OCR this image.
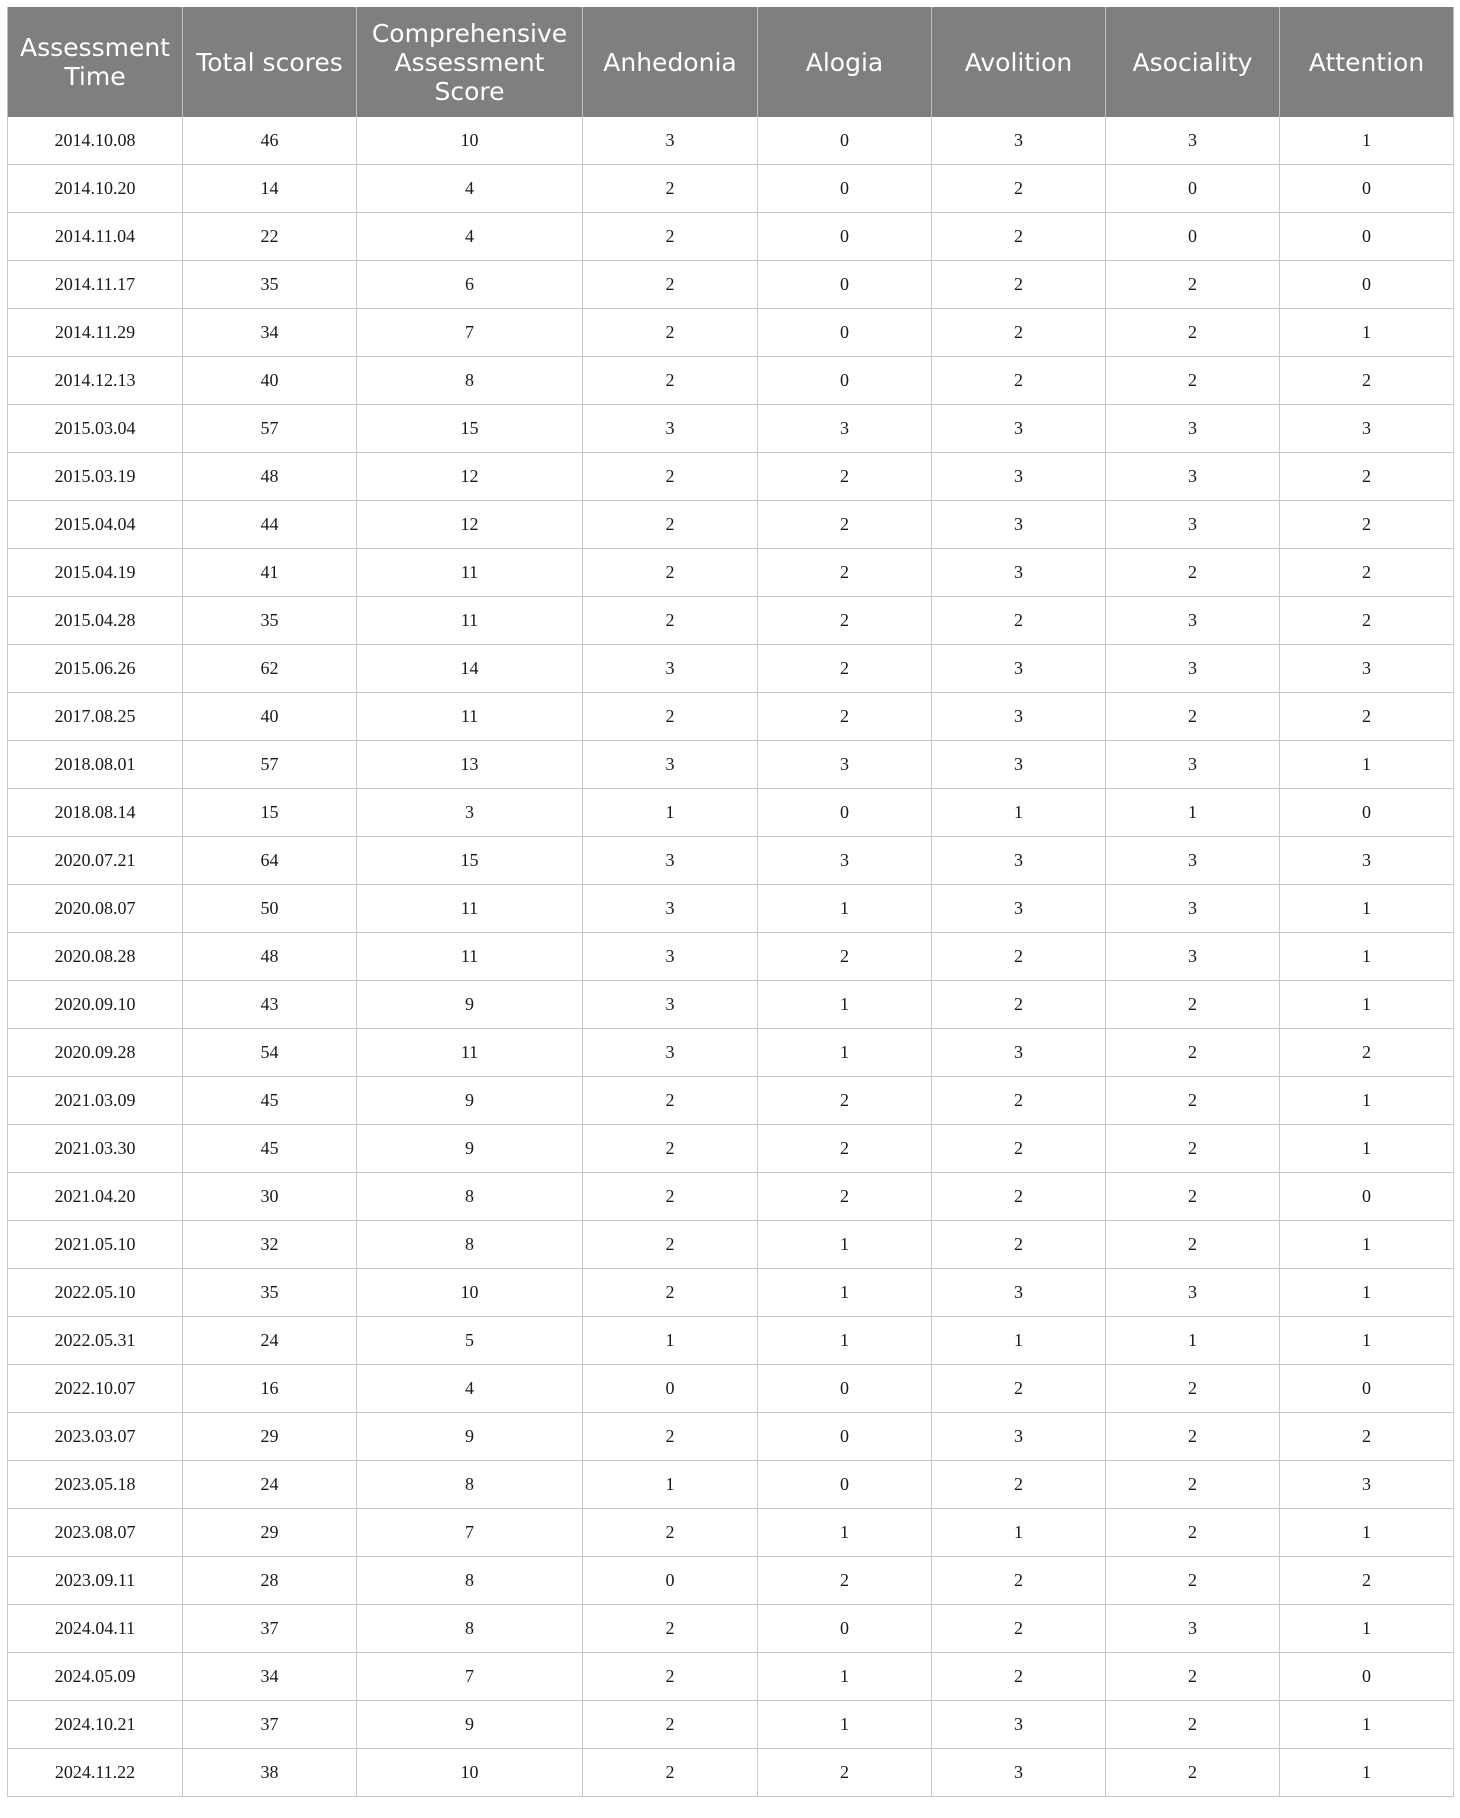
Assessment Time	Total scores	Comprehensive Assessment Score	Anhedonia	Alogia	Avolition	Asociality	Attention
2014.10.08	46	10	3	0	3	3	1
2014.10.20	14	4	2	0	2	0	0
2014.11.04	22	4	2	0	2	0	0
2014.11.17	35	6	2	0	2	2	0
2014.11.29	34	7	2	0	2	2	1
2014.12.13	40	8	2	0	2	2	2
2015.03.04	57	15	3	3	3	3	3
2015.03.19	48	12	2	2	3	3	2
2015.04.04	44	12	2	2	3	3	2
2015.04.19	41	11	2	2	3	2	2
2015.04.28	35	11	2	2	2	3	2
2015.06.26	62	14	3	2	3	3	3
2017.08.25	40	11	2	2	3	2	2
2018.08.01	57	13	3	3	3	3	1
2018.08.14	15	3	1	0	1	1	0
2020.07.21	64	15	3	3	3	3	3
2020.08.07	50	11	3	1	3	3	1
2020.08.28	48	11	3	2	2	3	1
2020.09.10	43	9	3	1	2	2	1
2020.09.28	54	11	3	1	3	2	2
2021.03.09	45	9	2	2	2	2	1
2021.03.30	45	9	2	2	2	2	1
2021.04.20	30	8	2	2	2	2	0
2021.05.10	32	8	2	1	2	2	1
2022.05.10	35	10	2	1	3	3	1
2022.05.31	24	5	1	1	1	1	1
2022.10.07	16	4	0	0	2	2	0
2023.03.07	29	9	2	0	3	2	2
2023.05.18	24	8	1	0	2	2	3
2023.08.07	29	7	2	1	1	2	1
2023.09.11	28	8	0	2	2	2	2
2024.04.11	37	8	2	0	2	3	1
2024.05.09	34	7	2	1	2	2	0
2024.10.21	37	9	2	1	3	2	1
2024.11.22	38	10	2	2	3	2	1
